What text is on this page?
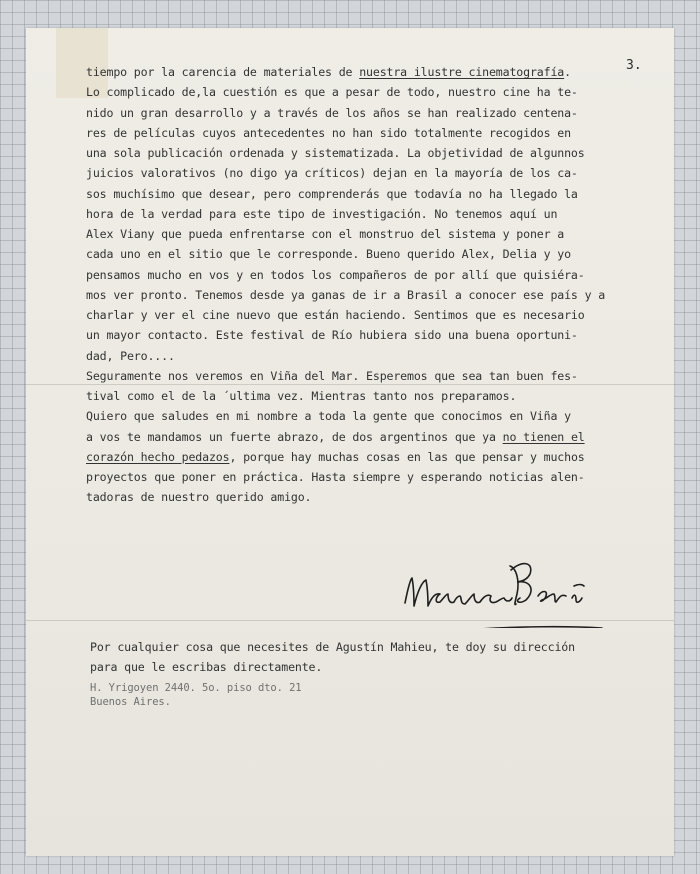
3.
tiempo por la carencia de materiales de nuestra ilustre cinematografía.
Lo complicado de,la cuestión es que a pesar de todo, nuestro cine ha te-
nido un gran desarrollo y a través de los años se han realizado centena-
res de películas cuyos antecedentes no han sido totalmente recogidos en
una sola publicación ordenada y sistematizada. La objetividad de algunnos
juicios valorativos (no digo ya críticos) dejan en la mayoría de los ca-
sos muchísimo que desear, pero comprenderás que todavía no ha llegado la
hora de la verdad para este tipo de investigación. No tenemos aquí un
Alex Viany que pueda enfrentarse con el monstruo del sistema y poner a
cada uno en el sitio que le corresponde. Bueno querido Alex, Delia y yo
pensamos mucho en vos y en todos los compañeros de por allí que quisiéra-
mos ver pronto. Tenemos desde ya ganas de ir a Brasil a conocer ese país y a
charlar y ver el cine nuevo que están haciendo. Sentimos que es necesario
un mayor contacto. Este festival de Río hubiera sido una buena oportuni-
dad, Pero....
Seguramente nos veremos en Viña del Mar. Esperemos que sea tan buen fes-
tival como el de la ´ultima vez. Mientras tanto nos preparamos.
Quiero que saludes en mi nombre a toda la gente que conocimos en Viña y
a vos te mandamos un fuerte abrazo, de dos argentinos que ya no tienen el
corazón hecho pedazos, porque hay muchas cosas en las que pensar y muchos
proyectos que poner en práctica. Hasta siempre y esperando noticias alen-
tadoras de nuestro querido amigo.
Por cualquier cosa que necesites de Agustín Mahieu, te doy su dirección
para que le escribas directamente.
H. Yrigoyen 2440. 5o. piso dto. 21
Buenos Aires.
